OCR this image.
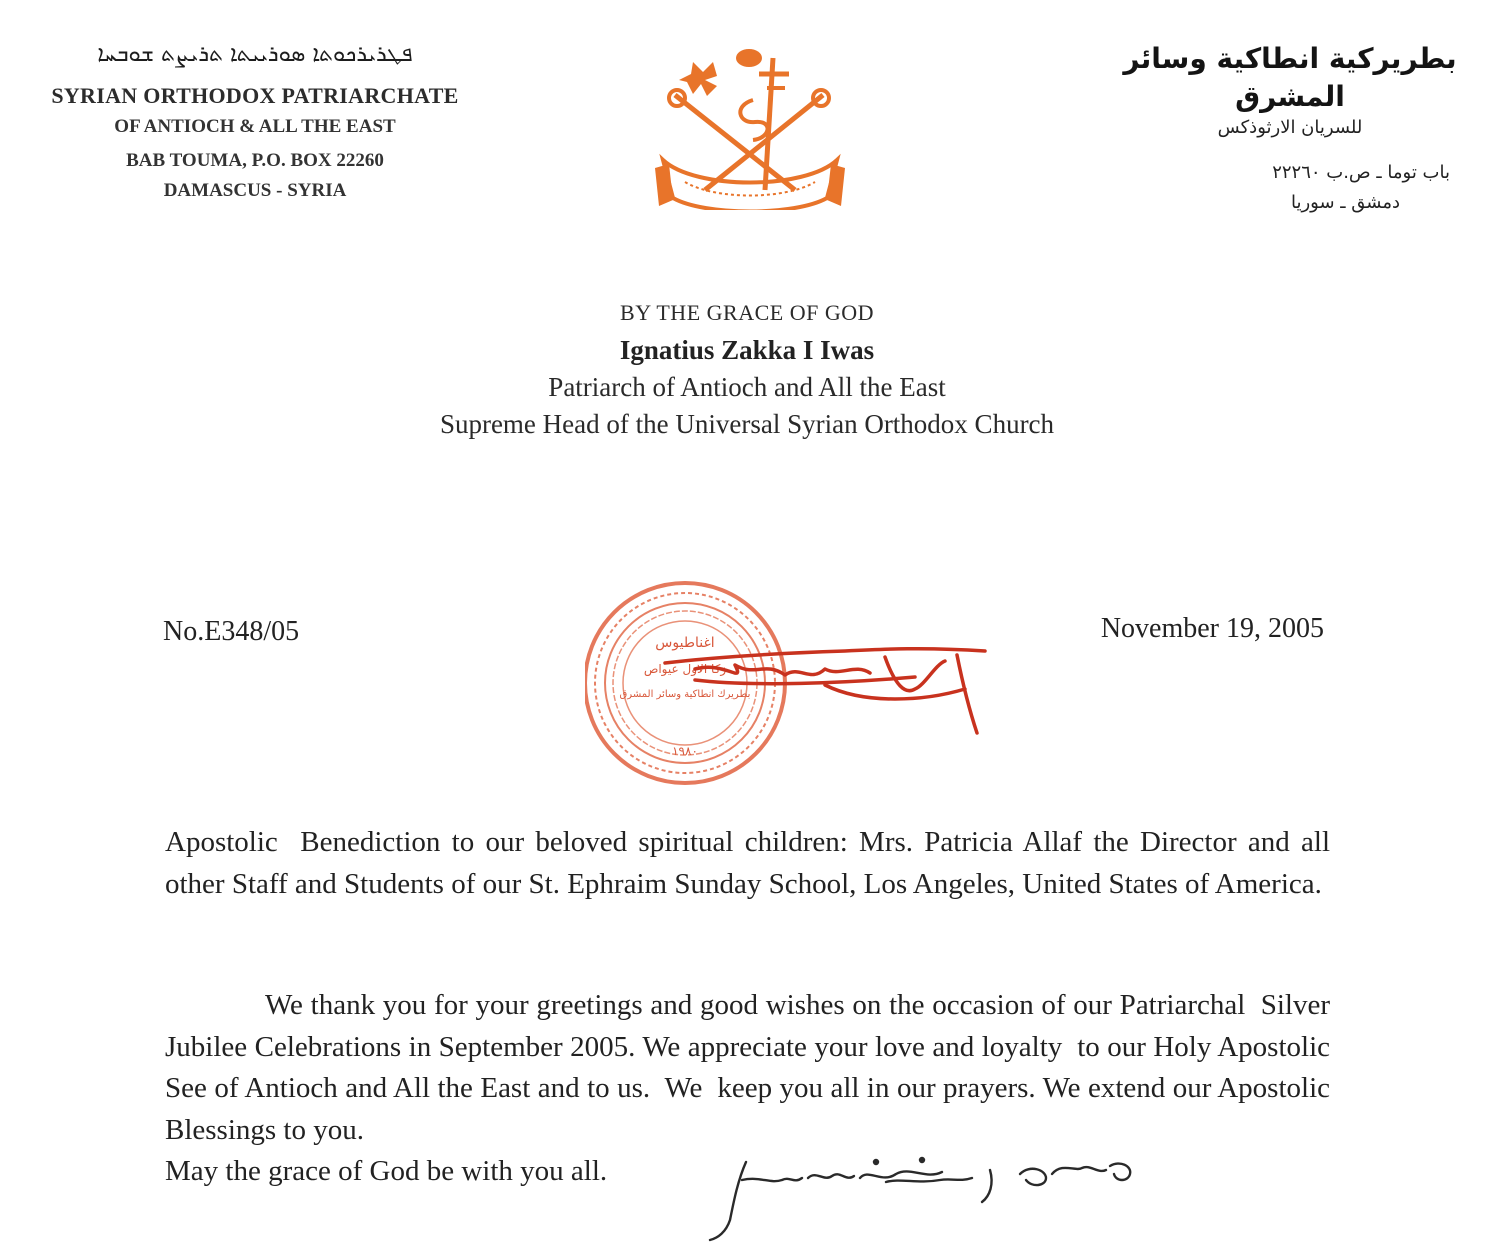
ܦܛܪܝܪܟܘܬܐ ܣܘܪܝܝܬܐ ܬܪܝܨܬ ܫܘܒܚܐ
SYRIAN ORTHODOX PATRIARCHATE
OF ANTIOCH & ALL THE EAST
BAB TOUMA, P.O. BOX 22260
DAMASCUS - SYRIA
بطريركية انطاكية وسائر المشرق
للسريان الارثوذكس
باب توما ـ ص.ب ٢٢٢٦٠
دمشق ـ سوريا
BY THE GRACE OF GOD
Ignatius Zakka I Iwas
Patriarch of Antioch and All the East
Supreme Head of the Universal Syrian Orthodox Church
اغناطيوس
زكا الاول عيواص
بطريرك انطاكية وسائر المشرق
١٩٨٠
No.E348/05	November 19, 2005
Apostolic  Benediction to our beloved spiritual children: Mrs. Patricia Allaf the Director and all other Staff and Students of our St. Ephraim Sunday School, Los Angeles, United States of America.

We thank you for your greetings and good wishes on the occasion of our Patriarchal  Silver Jubilee Celebrations in September 2005. We appreciate your love and loyalty  to our Holy Apostolic See of Antioch and All the East and to us.  We  keep you all in our prayers. We extend our Apostolic Blessings to you.

May the grace of God be with you all.
